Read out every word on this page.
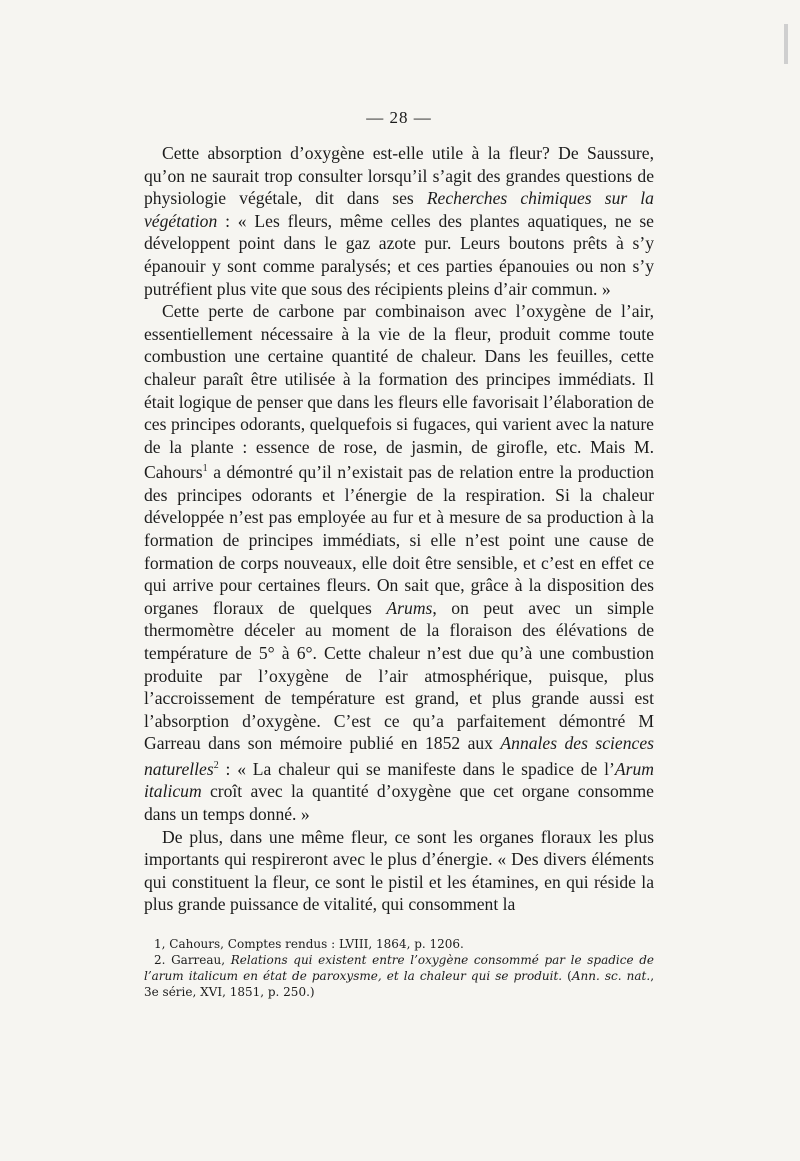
— 28 —

Cette absorption d’oxygène est-elle utile à la fleur? De Saussure, qu’on ne saurait trop consulter lorsqu’il s’agit des grandes questions de physiologie végétale, dit dans ses Recherches chimiques sur la végétation : « Les fleurs, même celles des plantes aquatiques, ne se développent point dans le gaz azote pur. Leurs boutons prêts à s’y épanouir y sont comme paralysés; et ces parties épanouies ou non s’y putréfient plus vite que sous des récipients pleins d’air commun. »

Cette perte de carbone par combinaison avec l’oxygène de l’air, essentiellement nécessaire à la vie de la fleur, produit comme toute combustion une certaine quantité de chaleur. Dans les feuilles, cette chaleur paraît être utilisée à la formation des principes immédiats. Il était logique de penser que dans les fleurs elle favorisait l’élaboration de ces principes odorants, quelquefois si fugaces, qui varient avec la nature de la plante : essence de rose, de jasmin, de girofle, etc. Mais M. Cahours$^1$ a démontré qu’il n’existait pas de relation entre la production des principes odorants et l’énergie de la respiration. Si la chaleur développée n’est pas employée au fur et à mesure de sa production à la formation de principes immédiats, si elle n’est point une cause de formation de corps nouveaux, elle doit être sensible, et c’est en effet ce qui arrive pour certaines fleurs. On sait que, grâce à la disposition des organes floraux de quelques Arums, on peut avec un simple thermomètre déceler au moment de la floraison des élévations de température de 5° à 6°. Cette chaleur n’est due qu’à une combustion produite par l’oxygène de l’air atmosphérique, puisque, plus l’accroissement de température est grand, et plus grande aussi est l’absorption d’oxygène. C’est ce qu’a parfaitement démontré M Garreau dans son mémoire publié en 1852 aux Annales des sciences naturelles$^2$ : « La chaleur qui se manifeste dans le spadice de l’Arum italicum croît avec la quantité d’oxygène que cet organe consomme dans un temps donné. »

De plus, dans une même fleur, ce sont les organes floraux les plus importants qui respireront avec le plus d’énergie. « Des divers éléments qui constituent la fleur, ce sont le pistil et les étamines, en qui réside la plus grande puissance de vitalité, qui consomment la

1, Cahours, Comptes rendus : LVIII, 1864, p. 1206.

2. Garreau, Relations qui existent entre l’oxygène consommé par le spadice de l’arum italicum en état de paroxysme, et la chaleur qui se produit. (Ann. sc. nat., 3e série, XVI, 1851, p. 250.)
